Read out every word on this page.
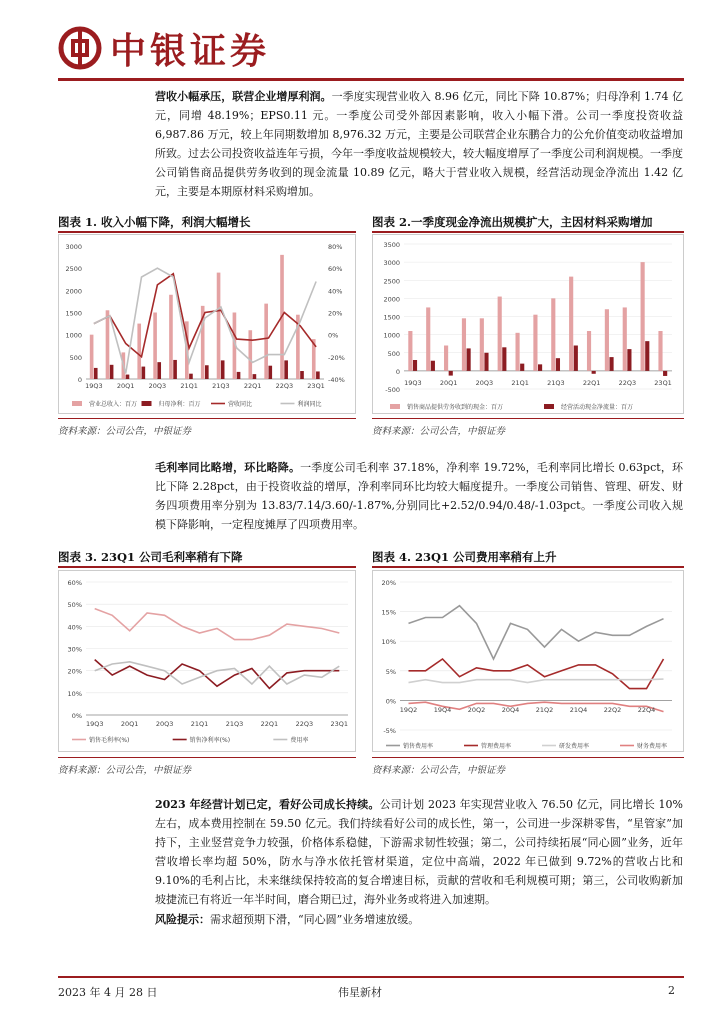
中银证券
营收小幅承压，联营企业增厚利润。一季度实现营业收入 8.96 亿元，同比下降 10.87%；归母净利 1.74 亿元，同增 48.19%；EPS0.11 元。一季度公司受外部因素影响，收入小幅下滑。公司一季度投资收益 6,987.86 万元，较上年同期数增加 8,976.32 万元，主要是公司联营企业东鹏合力的公允价值变动收益增加所致。过去公司投资收益连年亏损，今年一季度收益规模较大，较大幅度增厚了一季度公司利润规模。一季度公司销售商品提供劳务收到的现金流量 10.89 亿元，略大于营业收入规模，经营活动现金净流出 1.42 亿元，主要是本期原材料采购增加。
图表 1. 收入小幅下降，利润大幅增长
0
500
1000
1500
2000
2500
3000
-40%
-20%
0%
20%
40%
60%
80%
19Q3 20Q1 20Q3 21Q1 21Q3 22Q1 22Q3 23Q1
营业总收入：百万	归母净利：百万	营收同比	利润同比
资料来源：公司公告，中银证券
图表 2.一季度现金净流出规模扩大，主因材料采购增加
-500
0
500
1000
1500
2000
2500
3000
3500
19Q3	20Q1	20Q3	21Q1	21Q3	22Q1	22Q3	23Q1
销售商品提供劳务收到的现金：百万	经营活动现金净流量：百万
资料来源：公司公告，中银证券
毛利率同比略增，环比略降。一季度公司毛利率 37.18%，净利率 19.72%，毛利率同比增长 0.63pct，环比下降 2.28pct，由于投资收益的增厚，净利率同环比均较大幅度提升。一季度公司销售、管理、研发、财务四项费用率分别为 13.83/7.14/3.60/-1.87%,分别同比+2.52/0.94/0.48/-1.03pct。一季度公司收入规模下降影响，一定程度摊厚了四项费用率。
图表 3. 23Q1 公司毛利率稍有下降
0%
10%
20%
30%
40%
50%
60%
19Q3	20Q1	20Q3	21Q1	21Q3	22Q1	22Q3	23Q1
销售毛利率(%)	销售净利率(%)	费用率
资料来源：公司公告，中银证券
图表 4. 23Q1 公司费用率稍有上升
-5%
0%
5%
10%
15%
20%
19Q2	19Q4	20Q2	20Q4	21Q2	21Q4	22Q2	22Q4
销售费用率	管理费用率	研发费用率	财务费用率
资料来源：公司公告，中银证券
2023 年经营计划已定，看好公司成长持续。公司计划 2023 年实现营业收入 76.50 亿元，同比增长 10%左右，成本费用控制在 59.50 亿元。我们持续看好公司的成长性，第一，公司进一步深耕零售，“星管家”加持下，主业竖营竞争力较强，价格体系稳健，下游需求韧性较强；第二，公司持续拓展“同心圆”业务，近年营收增长率均超 50%，防水与净水依托管材渠道，定位中高端，2022 年已做到 9.72%的营收占比和 9.10%的毛利占比，未来继续保持较高的复合增速目标，贡献的营收和毛利规模可期；第三，公司收购新加坡捷流已有将近一年半时间，磨合期已过，海外业务或将进入加速期。
风险提示：需求超预期下滑，“同心圆”业务增速放缓。
2023 年 4 月 28 日	伟星新材	2
